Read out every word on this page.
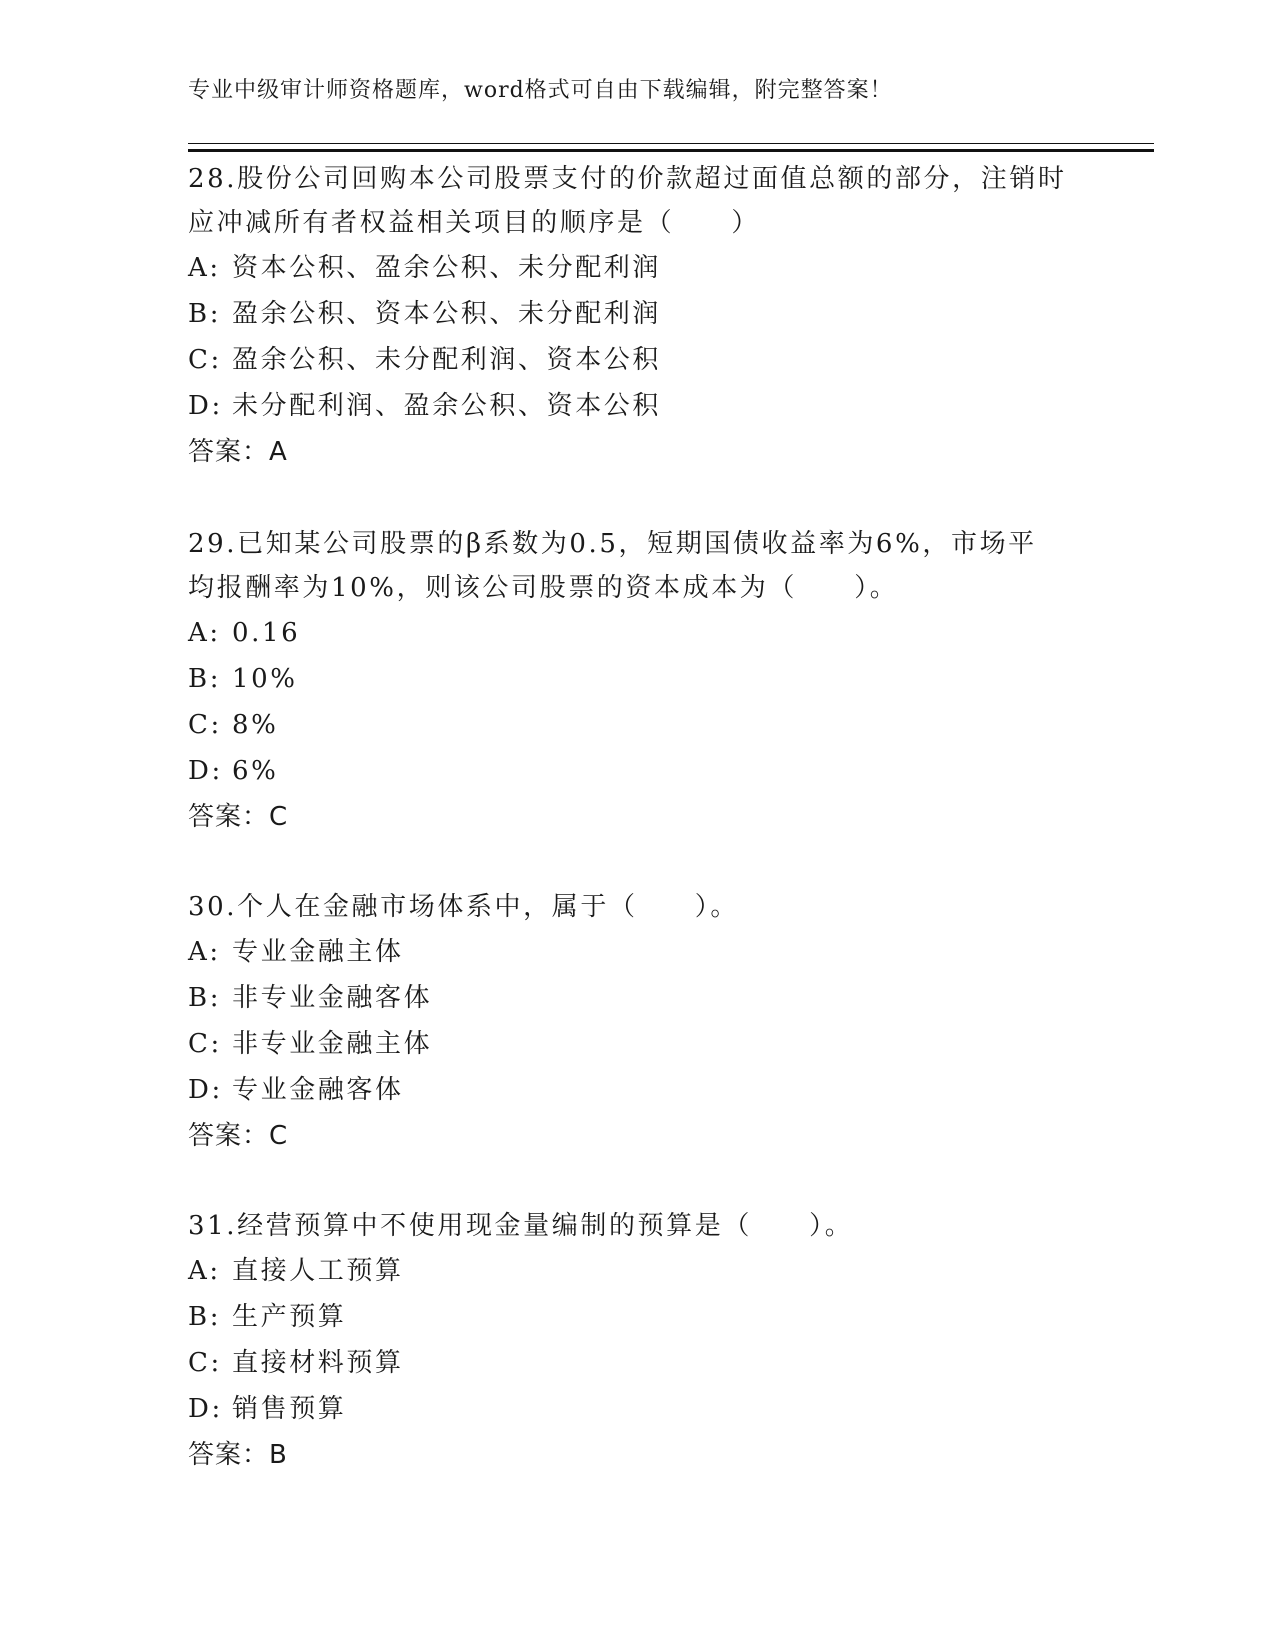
专业中级审计师资格题库，word格式可自由下载编辑，附完整答案！

28.股份公司回购本公司股票支付的价款超过面值总额的部分，注销时

应冲减所有者权益相关项目的顺序是（　　）

A: 资本公积、盈余公积、未分配利润

B: 盈余公积、资本公积、未分配利润

C: 盈余公积、未分配利润、资本公积

D: 未分配利润、盈余公积、资本公积

答案：A

29.已知某公司股票的β系数为0.5，短期国债收益率为6%，市场平

均报酬率为10%，则该公司股票的资本成本为（　　）。

A: 0.16

B: 10%

C: 8%

D: 6%

答案：C

30.个人在金融市场体系中，属于（　　）。

A: 专业金融主体

B: 非专业金融客体

C: 非专业金融主体

D: 专业金融客体

答案：C

31.经营预算中不使用现金量编制的预算是（　　）。

A: 直接人工预算

B: 生产预算

C: 直接材料预算

D: 销售预算

答案：B
